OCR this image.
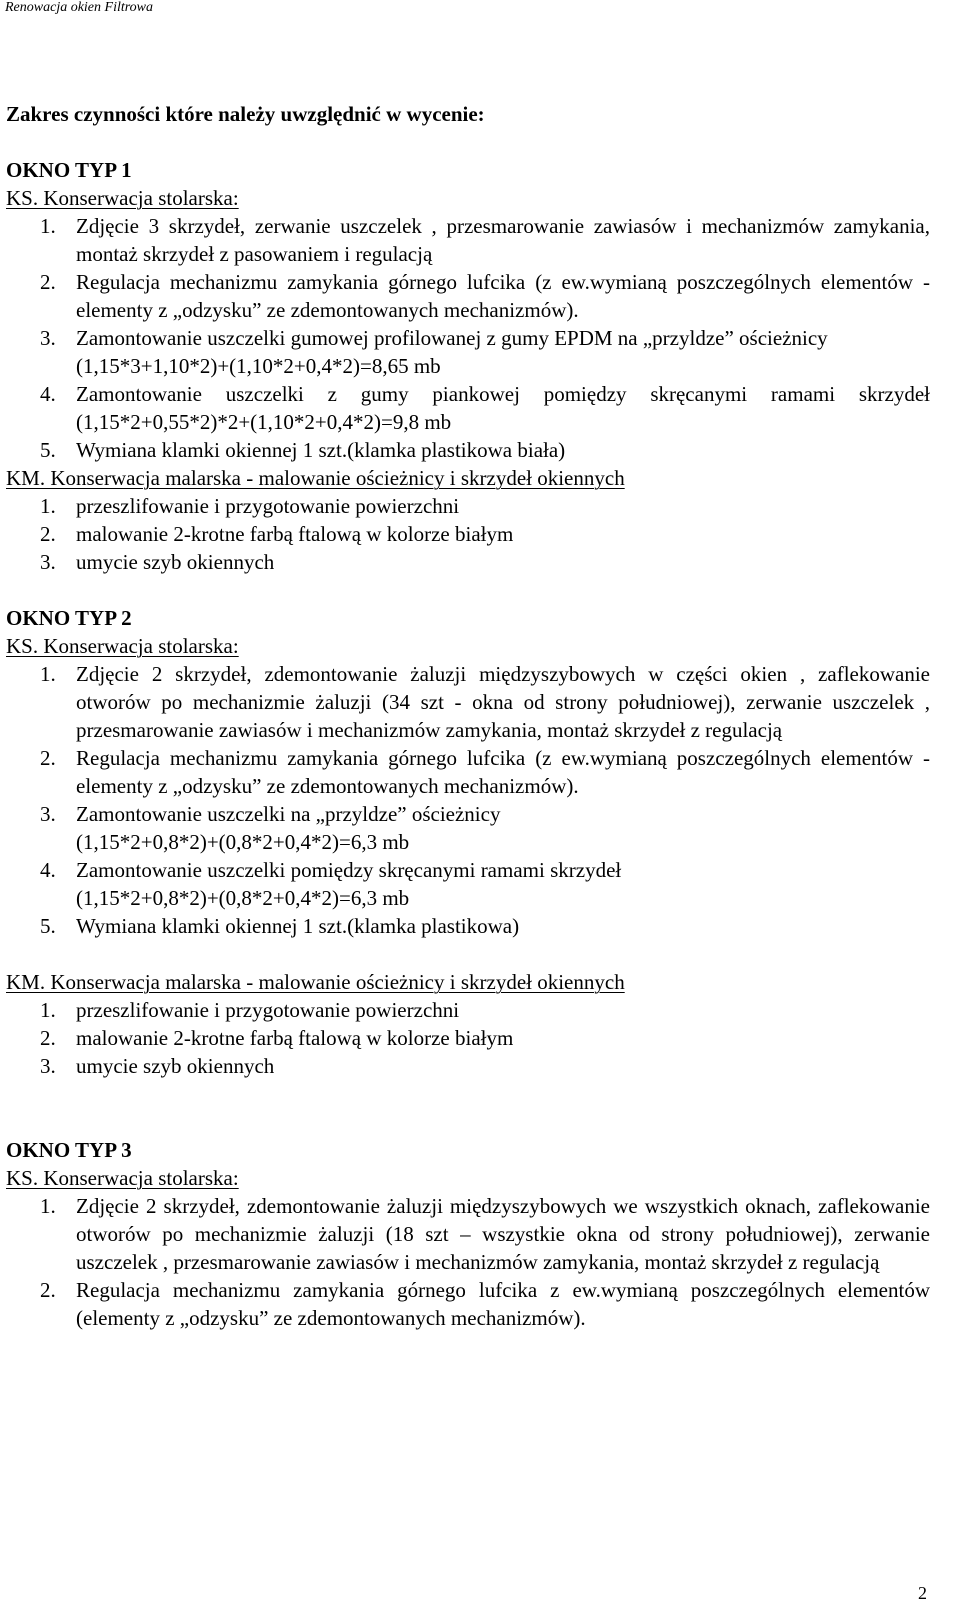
Renowacja okien Filtrowa

Zakres czynności które należy uwzględnić w wycenie:

OKNO TYP 1

KS. Konserwacja stolarska:

1. Zdjęcie 3 skrzydeł, zerwanie uszczelek , przesmarowanie zawiasów i mechanizmów zamykania, montaż skrzydeł z pasowaniem i regulacją
2. Regulacja mechanizmu zamykania górnego lufcika (z ew.wymianą poszczególnych elementów - elementy z „odzysku” ze zdemontowanych mechanizmów).
3. Zamontowanie uszczelki gumowej profilowanej z gumy EPDM na „przyldze” ościeżnicy
(1,15*3+1,10*2)+(1,10*2+0,4*2)=8,65 mb
4. Zamontowanie uszczelki z gumy piankowej pomiędzy skręcanymi ramami skrzydeł (1,15*2+0,55*2)*2+(1,10*2+0,4*2)=9,8 mb
5. Wymiana klamki okiennej 1 szt.(klamka plastikowa biała)

KM. Konserwacja malarska - malowanie ościeżnicy i skrzydeł okiennych

1. przeszlifowanie i przygotowanie powierzchni
2. malowanie 2-krotne farbą ftalową w kolorze białym
3. umycie szyb okiennych

OKNO TYP 2

KS. Konserwacja stolarska:

1. Zdjęcie 2 skrzydeł, zdemontowanie żaluzji międzyszybowych w części okien , zaflekowanie otworów po mechanizmie żaluzji (34 szt - okna od strony południowej), zerwanie uszczelek , przesmarowanie zawiasów i mechanizmów zamykania, montaż skrzydeł z regulacją
2. Regulacja mechanizmu zamykania górnego lufcika (z ew.wymianą poszczególnych elementów -elementy z „odzysku” ze zdemontowanych mechanizmów).
3. Zamontowanie uszczelki na „przyldze” ościeżnicy
(1,15*2+0,8*2)+(0,8*2+0,4*2)=6,3 mb
4. Zamontowanie uszczelki pomiędzy skręcanymi ramami skrzydeł
(1,15*2+0,8*2)+(0,8*2+0,4*2)=6,3 mb
5. Wymiana klamki okiennej 1 szt.(klamka plastikowa)

KM. Konserwacja malarska - malowanie ościeżnicy i skrzydeł okiennych

1. przeszlifowanie i przygotowanie powierzchni
2. malowanie 2-krotne farbą ftalową w kolorze białym
3. umycie szyb okiennych

OKNO TYP 3

KS. Konserwacja stolarska:

1. Zdjęcie 2 skrzydeł, zdemontowanie żaluzji międzyszybowych we wszystkich oknach, zaflekowanie otworów po mechanizmie żaluzji (18 szt – wszystkie okna od strony południowej), zerwanie uszczelek , przesmarowanie zawiasów i mechanizmów zamykania, montaż skrzydeł z regulacją
2. Regulacja mechanizmu zamykania górnego lufcika z ew.wymianą poszczególnych elementów (elementy z „odzysku” ze zdemontowanych mechanizmów).
2
